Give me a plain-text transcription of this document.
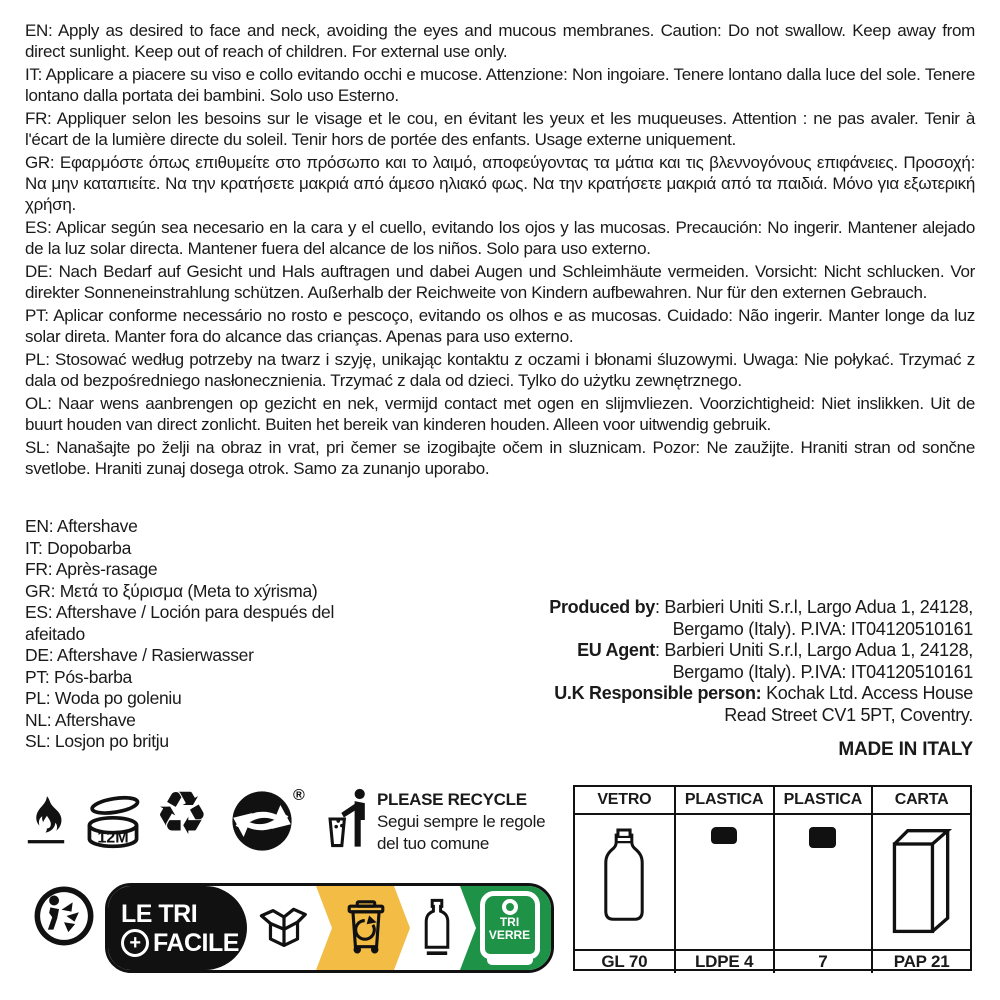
EN: Apply as desired to face and neck, avoiding the eyes and mucous membranes. Caution: Do not swallow. Keep away from direct sunlight. Keep out of reach of children. For external use only.

IT: Applicare a piacere su viso e collo evitando occhi e mucose. Attenzione: Non ingoiare. Tenere lontano dalla luce del sole. Tenere lontano dalla portata dei bambini. Solo uso Esterno.

FR: Appliquer selon les besoins sur le visage et le cou, en évitant les yeux et les muqueuses. Attention : ne pas avaler. Tenir à l'écart de la lumière directe du soleil. Tenir hors de portée des enfants. Usage externe uniquement.

GR: Εφαρμόστε όπως επιθυμείτε στο πρόσωπο και το λαιμό, αποφεύγοντας τα μάτια και τις βλεννογόνους επιφάνειες. Προσοχή: Να μην καταπιείτε. Να την κρατήσετε μακριά από άμεσο ηλιακό φως. Να την κρατήσετε μακριά από τα παιδιά. Μόνο για εξωτερική χρήση.

ES: Aplicar según sea necesario en la cara y el cuello, evitando los ojos y las mucosas. Precaución: No ingerir. Mantener alejado de la luz solar directa. Mantener fuera del alcance de los niños. Solo para uso externo.

DE: Nach Bedarf auf Gesicht und Hals auftragen und dabei Augen und Schleimhäute vermeiden. Vorsicht: Nicht schlucken. Vor direkter Sonneneinstrahlung schützen. Außerhalb der Reichweite von Kindern aufbewahren. Nur für den externen Gebrauch.

PT: Aplicar conforme necessário no rosto e pescoço, evitando os olhos e as mucosas. Cuidado: Não ingerir. Manter longe da luz solar direta. Manter fora do alcance das crianças. Apenas para uso externo.

PL: Stosować według potrzeby na twarz i szyję, unikając kontaktu z oczami i błonami śluzowymi. Uwaga: Nie połykać. Trzymać z dala od bezpośredniego nasłonecznienia. Trzymać z dala od dzieci. Tylko do użytku zewnętrznego.

OL: Naar wens aanbrengen op gezicht en nek, vermijd contact met ogen en slijmvliezen. Voorzichtigheid: Niet inslikken. Uit de buurt houden van direct zonlicht. Buiten het bereik van kinderen houden. Alleen voor uitwendig gebruik.

SL: Nanašajte po želji na obraz in vrat, pri čemer se izogibajte očem in sluznicam. Pozor: Ne zaužijte. Hraniti stran od sončne svetlobe. Hraniti zunaj dosega otrok. Samo za zunanjo uporabo.

EN: Aftershave
IT: Dopobarba
FR: Après-rasage
GR: Μετά το ξύρισμα (Meta to xýrisma)
ES: Aftershave / Loción para después del afeitado
DE: Aftershave / Rasierwasser
PT: Pós-barba
PL: Woda po goleniu
NL: Aftershave
SL: Losjon po britju
Produced by: Barbieri Uniti S.r.l, Largo Adua 1, 24128,
Bergamo (Italy). P.IVA: IT04120510161
EU Agent: Barbieri Uniti S.r.l, Largo Adua 1, 24128,
Bergamo (Italy). P.IVA: IT04120510161
U.K Responsible person: Kochak Ltd. Access House
Read Street CV1 5PT, Coventry.
MADE IN ITALY
12M ♻	®	PLEASE RECYCLE
Segui sempre le regole
del tuo comune
LE TRI
+ FACILE
TRI
VERRE
VETRO	PLASTICA	PLASTICA	CARTA
GL 70	LDPE 4	7	PAP 21
